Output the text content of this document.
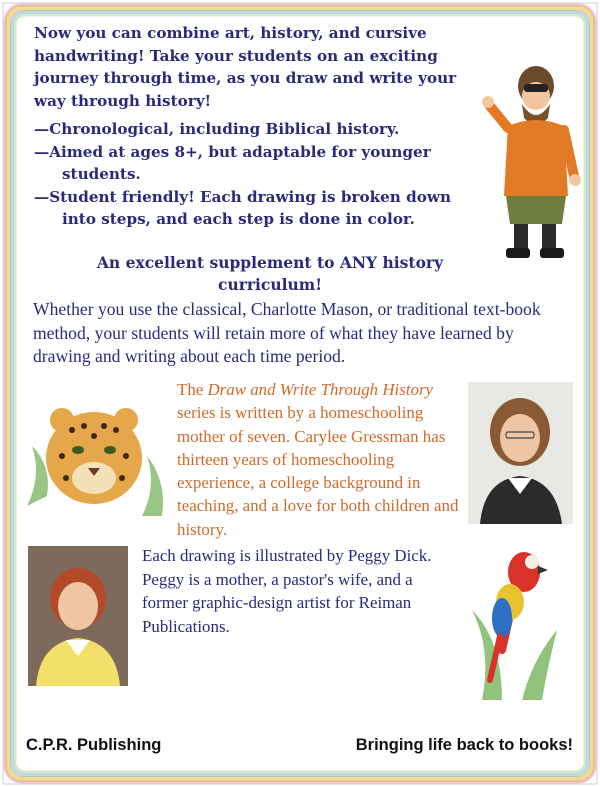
Now you can combine art, history, and cursive

handwriting! Take your students on an exciting

journey through time, as you draw and write your

way through history!

—Chronological, including Biblical history.

—Aimed at ages 8+, but adaptable for younger students.

—Student friendly! Each drawing is broken down into steps, and each step is done in color.

An excellent supplement to ANY history curriculum!
Whether you use the classical, Charlotte Mason, or traditional text-book method, your students will retain more of what they have learned by drawing and writing about each time period.
The Draw and Write Through History series is written by a homeschooling mother of seven. Carylee Gressman has thirteen years of homeschooling experience, a college background in teaching, and a love for both children and history.
Each drawing is illustrated by Peggy Dick. Peggy is a mother, a pastor's wife, and a former graphic-design artist for Reiman Publications.
C.P.R. Publishing	Bringing life back to books!
